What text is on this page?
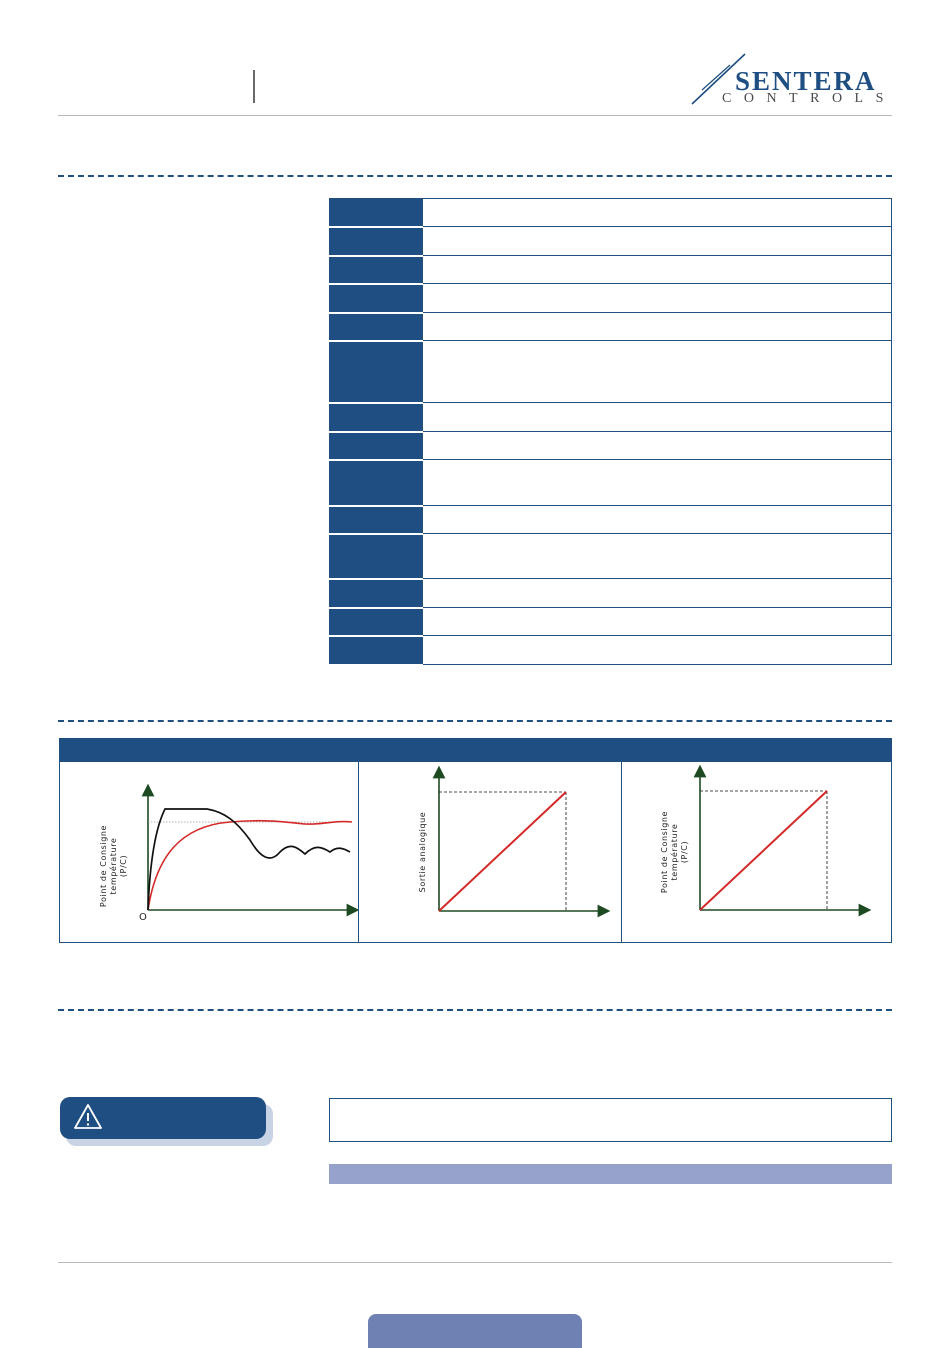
SENTERA
CONTROLS

Point de Consigne température (P/C)
O
Sortie analogique	Point de Consigne température (P/C)
